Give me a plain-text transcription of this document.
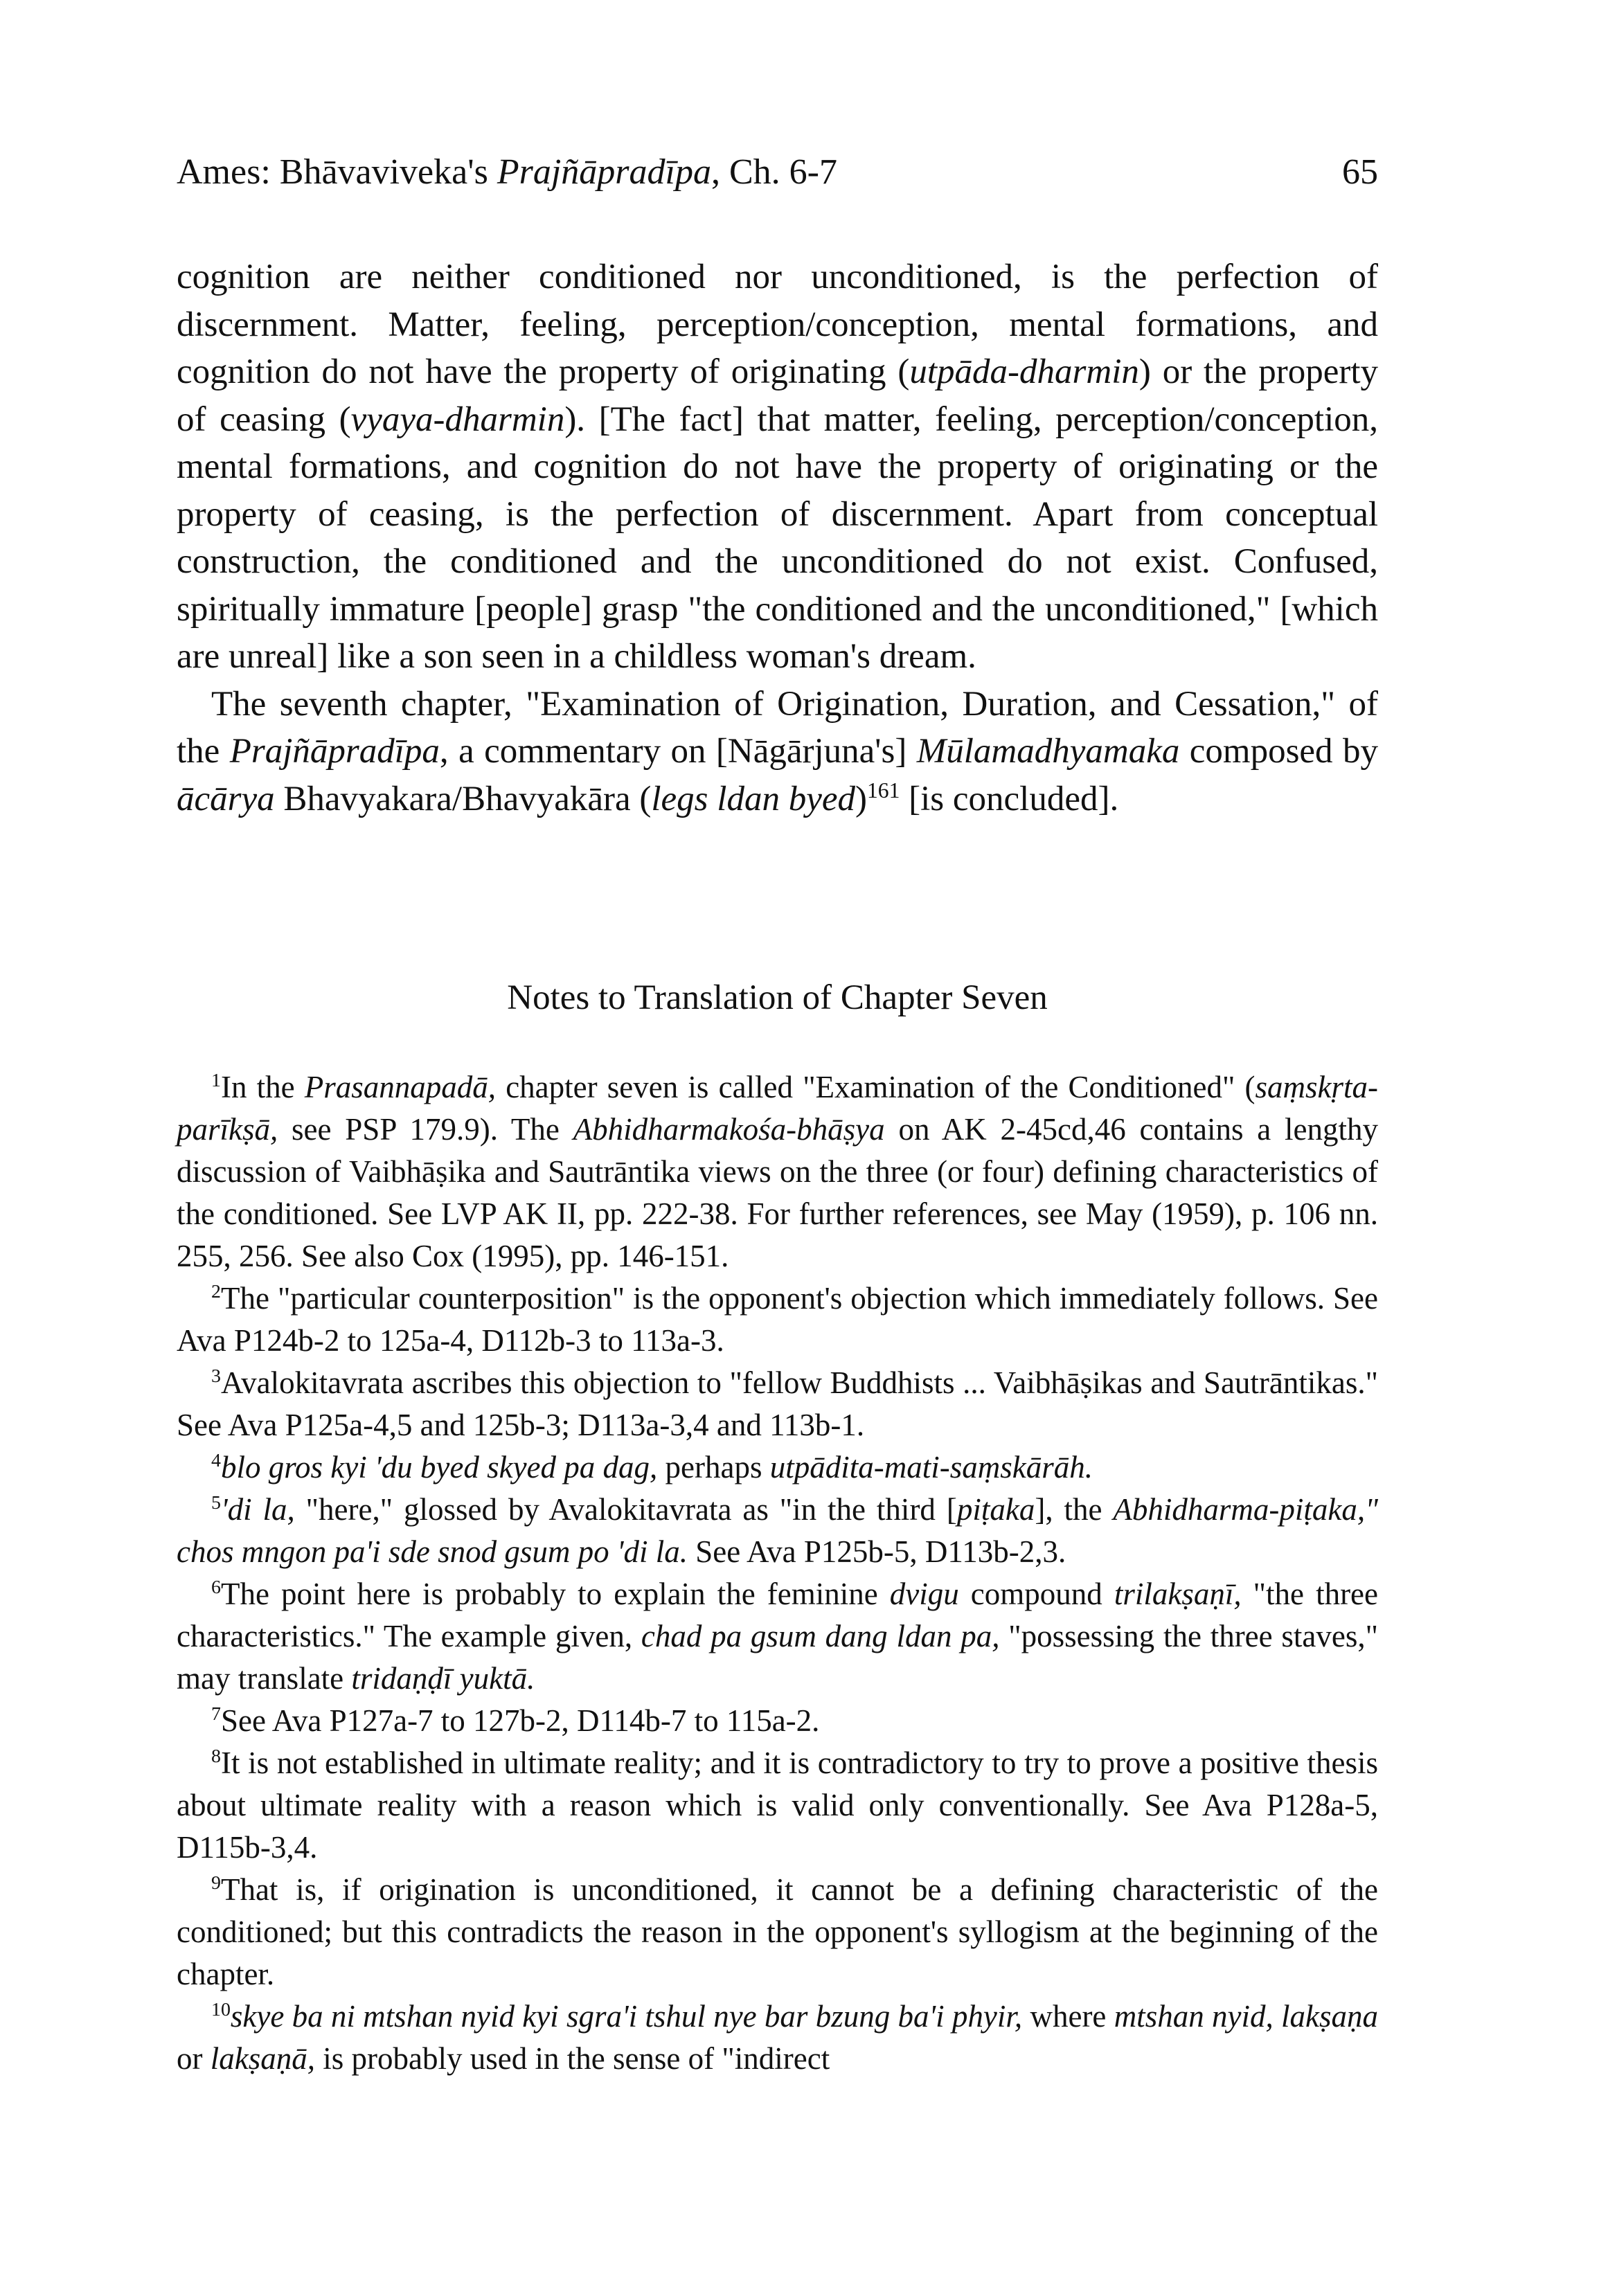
Ames: Bhāvaviveka's Prajñāpradīpa, Ch. 6-7	65

cognition are neither conditioned nor unconditioned, is the perfection of discernment. Matter, feeling, perception/conception, mental formations, and cognition do not have the property of originating (utpāda-dharmin) or the property of ceasing (vyaya-dharmin). [The fact] that matter, feeling, perception/conception, mental formations, and cognition do not have the property of originating or the property of ceasing, is the perfection of discernment. Apart from conceptual construction, the conditioned and the unconditioned do not exist. Confused, spiritually immature [people] grasp "the conditioned and the unconditioned," [which are unreal] like a son seen in a childless woman's dream.

The seventh chapter, "Examination of Origination, Duration, and Cessation," of the Prajñāpradīpa, a commentary on [Nāgārjuna's] Mūlamadhyamaka composed by ācārya Bhavyakara/Bhavyakāra (legs ldan byed)$^{161}$ [is concluded].

Notes to Translation of Chapter Seven

$^1$In the Prasannapadā, chapter seven is called "Examination of the Conditioned" (saṃskṛta-parīkṣā, see PSP 179.9). The Abhidharmakośa-bhāṣya on AK 2-45cd,46 contains a lengthy discussion of Vaibhāṣika and Sautrāntika views on the three (or four) defining characteristics of the conditioned. See LVP AK II, pp. 222-38. For further references, see May (1959), p. 106 nn. 255, 256. See also Cox (1995), pp. 146-151.

$^2$The "particular counterposition" is the opponent's objection which immediately follows. See Ava P124b-2 to 125a-4, D112b-3 to 113a-3.

$^3$Avalokitavrata ascribes this objection to "fellow Buddhists ... Vaibhāṣikas and Sautrāntikas." See Ava P125a-4,5 and 125b-3; D113a-3,4 and 113b-1.

$^4$blo gros kyi 'du byed skyed pa dag, perhaps utpādita-mati-saṃskārāh.

$^5$'di la, "here," glossed by Avalokitavrata as "in the third [piṭaka], the Abhidharma-piṭaka," chos mngon pa'i sde snod gsum po 'di la. See Ava P125b-5, D113b-2,3.

$^6$The point here is probably to explain the feminine dvigu compound trilakṣaṇī, "the three characteristics." The example given, chad pa gsum dang ldan pa, "possessing the three staves," may translate tridaṇḍī yuktā.

$^7$See Ava P127a-7 to 127b-2, D114b-7 to 115a-2.

$^8$It is not established in ultimate reality; and it is contradictory to try to prove a positive thesis about ultimate reality with a reason which is valid only conventionally. See Ava P128a-5, D115b-3,4.

$^9$That is, if origination is unconditioned, it cannot be a defining characteristic of the conditioned; but this contradicts the reason in the opponent's syllogism at the beginning of the chapter.

$^{10}$skye ba ni mtshan nyid kyi sgra'i tshul nye bar bzung ba'i phyir, where mtshan nyid, lakṣaṇa or lakṣaṇā, is probably used in the sense of "indirect
